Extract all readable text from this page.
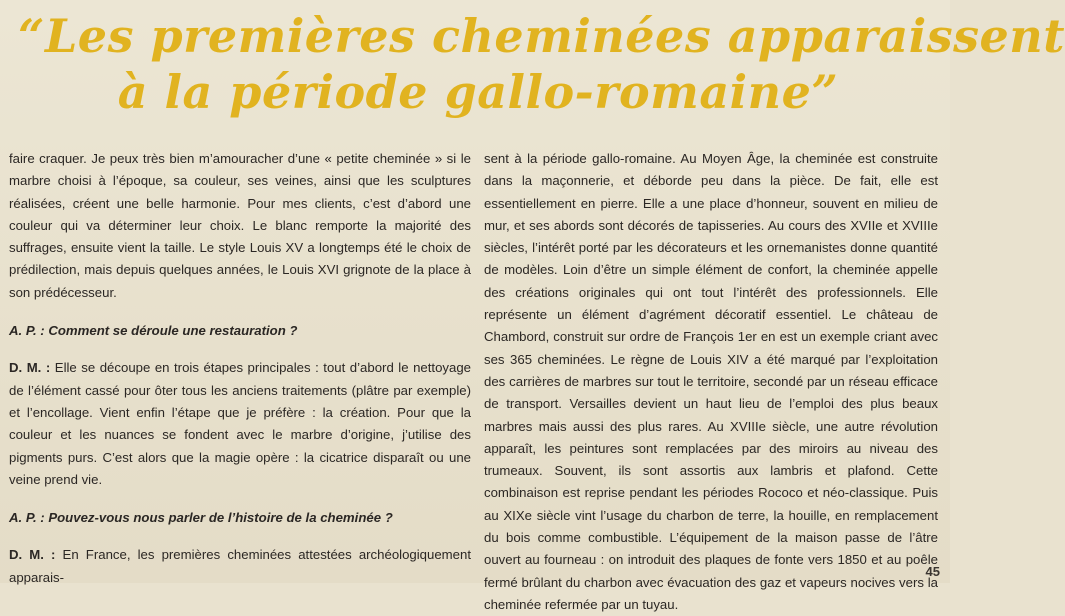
“Les premières cheminées apparaissent
à la période gallo-romaine”

faire craquer. Je peux très bien m’amouracher d’une « petite cheminée » si le marbre choisi à l’époque, sa couleur, ses veines, ainsi que les sculptures réalisées, créent une belle harmonie. Pour mes clients, c’est d’abord une couleur qui va déterminer leur choix. Le blanc remporte la majorité des suffrages, ensuite vient la taille. Le style Louis XV a longtemps été le choix de prédilection, mais depuis quelques années, le Louis XVI grignote de la place à son prédécesseur.

A. P. : Comment se déroule une restauration ?

D. M. : Elle se découpe en trois étapes principales : tout d’abord le nettoyage de l’élément cassé pour ôter tous les anciens traitements (plâtre par exemple) et l’encollage. Vient enfin l’étape que je préfère : la création. Pour que la couleur et les nuances se fondent avec le marbre d’origine, j’utilise des pigments purs. C’est alors que la magie opère : la cicatrice disparaît ou une veine prend vie.

A. P. : Pouvez-vous nous parler de l’histoire de la cheminée ?

D. M. : En France, les premières cheminées attestées archéologiquement apparais-

sent à la période gallo-romaine. Au Moyen Âge, la cheminée est construite dans la maçonnerie, et déborde peu dans la pièce. De fait, elle est essentiellement en pierre. Elle a une place d’honneur, souvent en milieu de mur, et ses abords sont décorés de tapisseries. Au cours des XVIIe et XVIIIe siècles, l’intérêt porté par les décorateurs et les ornemanistes donne quantité de modèles. Loin d’être un simple élément de confort, la cheminée appelle des créations originales qui ont tout l’intérêt des professionnels. Elle représente un élément d’agrément décoratif essentiel. Le château de Chambord, construit sur ordre de François 1er en est un exemple criant avec ses 365 cheminées. Le règne de Louis XIV a été marqué par l’exploitation des carrières de marbres sur tout le territoire, secondé par un réseau efficace de transport. Versailles devient un haut lieu de l’emploi des plus beaux marbres mais aussi des plus rares. Au XVIIIe siècle, une autre révolution apparaît, les peintures sont remplacées par des miroirs au niveau des trumeaux. Souvent, ils sont assortis aux lambris et plafond. Cette combinaison est reprise pendant les périodes Rococo et néo-classique. Puis au XIXe siècle vint l’usage du charbon de terre, la houille, en remplacement du bois comme combustible. L’équipement de la maison passe de l’âtre ouvert au fourneau : on introduit des plaques de fonte vers 1850 et au poêle fermé brûlant du charbon avec évacuation des gaz et vapeurs nocives vers la cheminée refermée par un tuyau.

45
